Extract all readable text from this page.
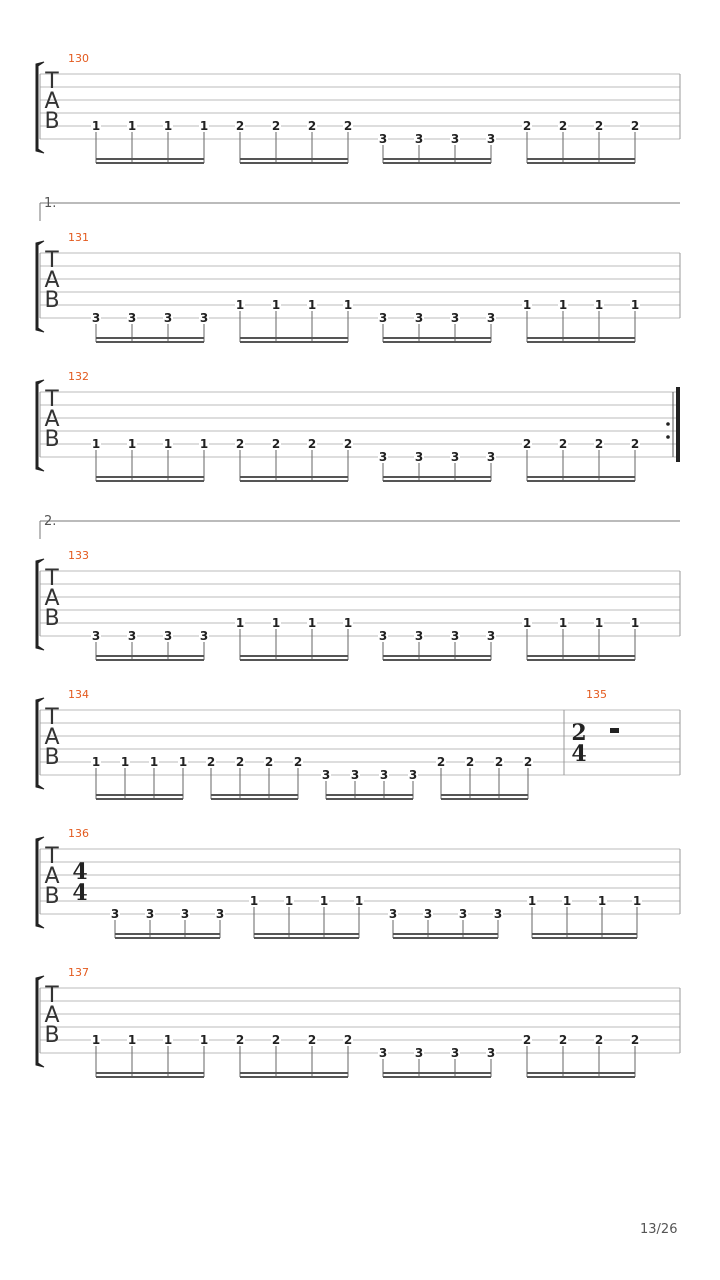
T
A
B
130
1 1 1 1 2 2 2 2
3 3 3 3
2 2 2 2
1.
T
A
B
131
3 3 3 3
1 1 1 1
3 3 3 3
1 1 1 1
T
A
B
132
1 1 1 1 2 2 2 2
3 3 3 3
2 2 2 2
2.
T
A
B
133
3 3 3 3
1 1 1 1
3 3 3 3
1 1 1 1
T
A
B
134	135
2
4
1 1 1 1 2 2 2 2
3 3 3 3
2 2 2 2
T
A
B
136
4
4
3 3 3 3
1 1 1 1
3 3 3 3
1 1 1 1
T
A
B
137
1 1 1 1 2 2 2 2
3 3 3 3
2 2 2 2
13/26
